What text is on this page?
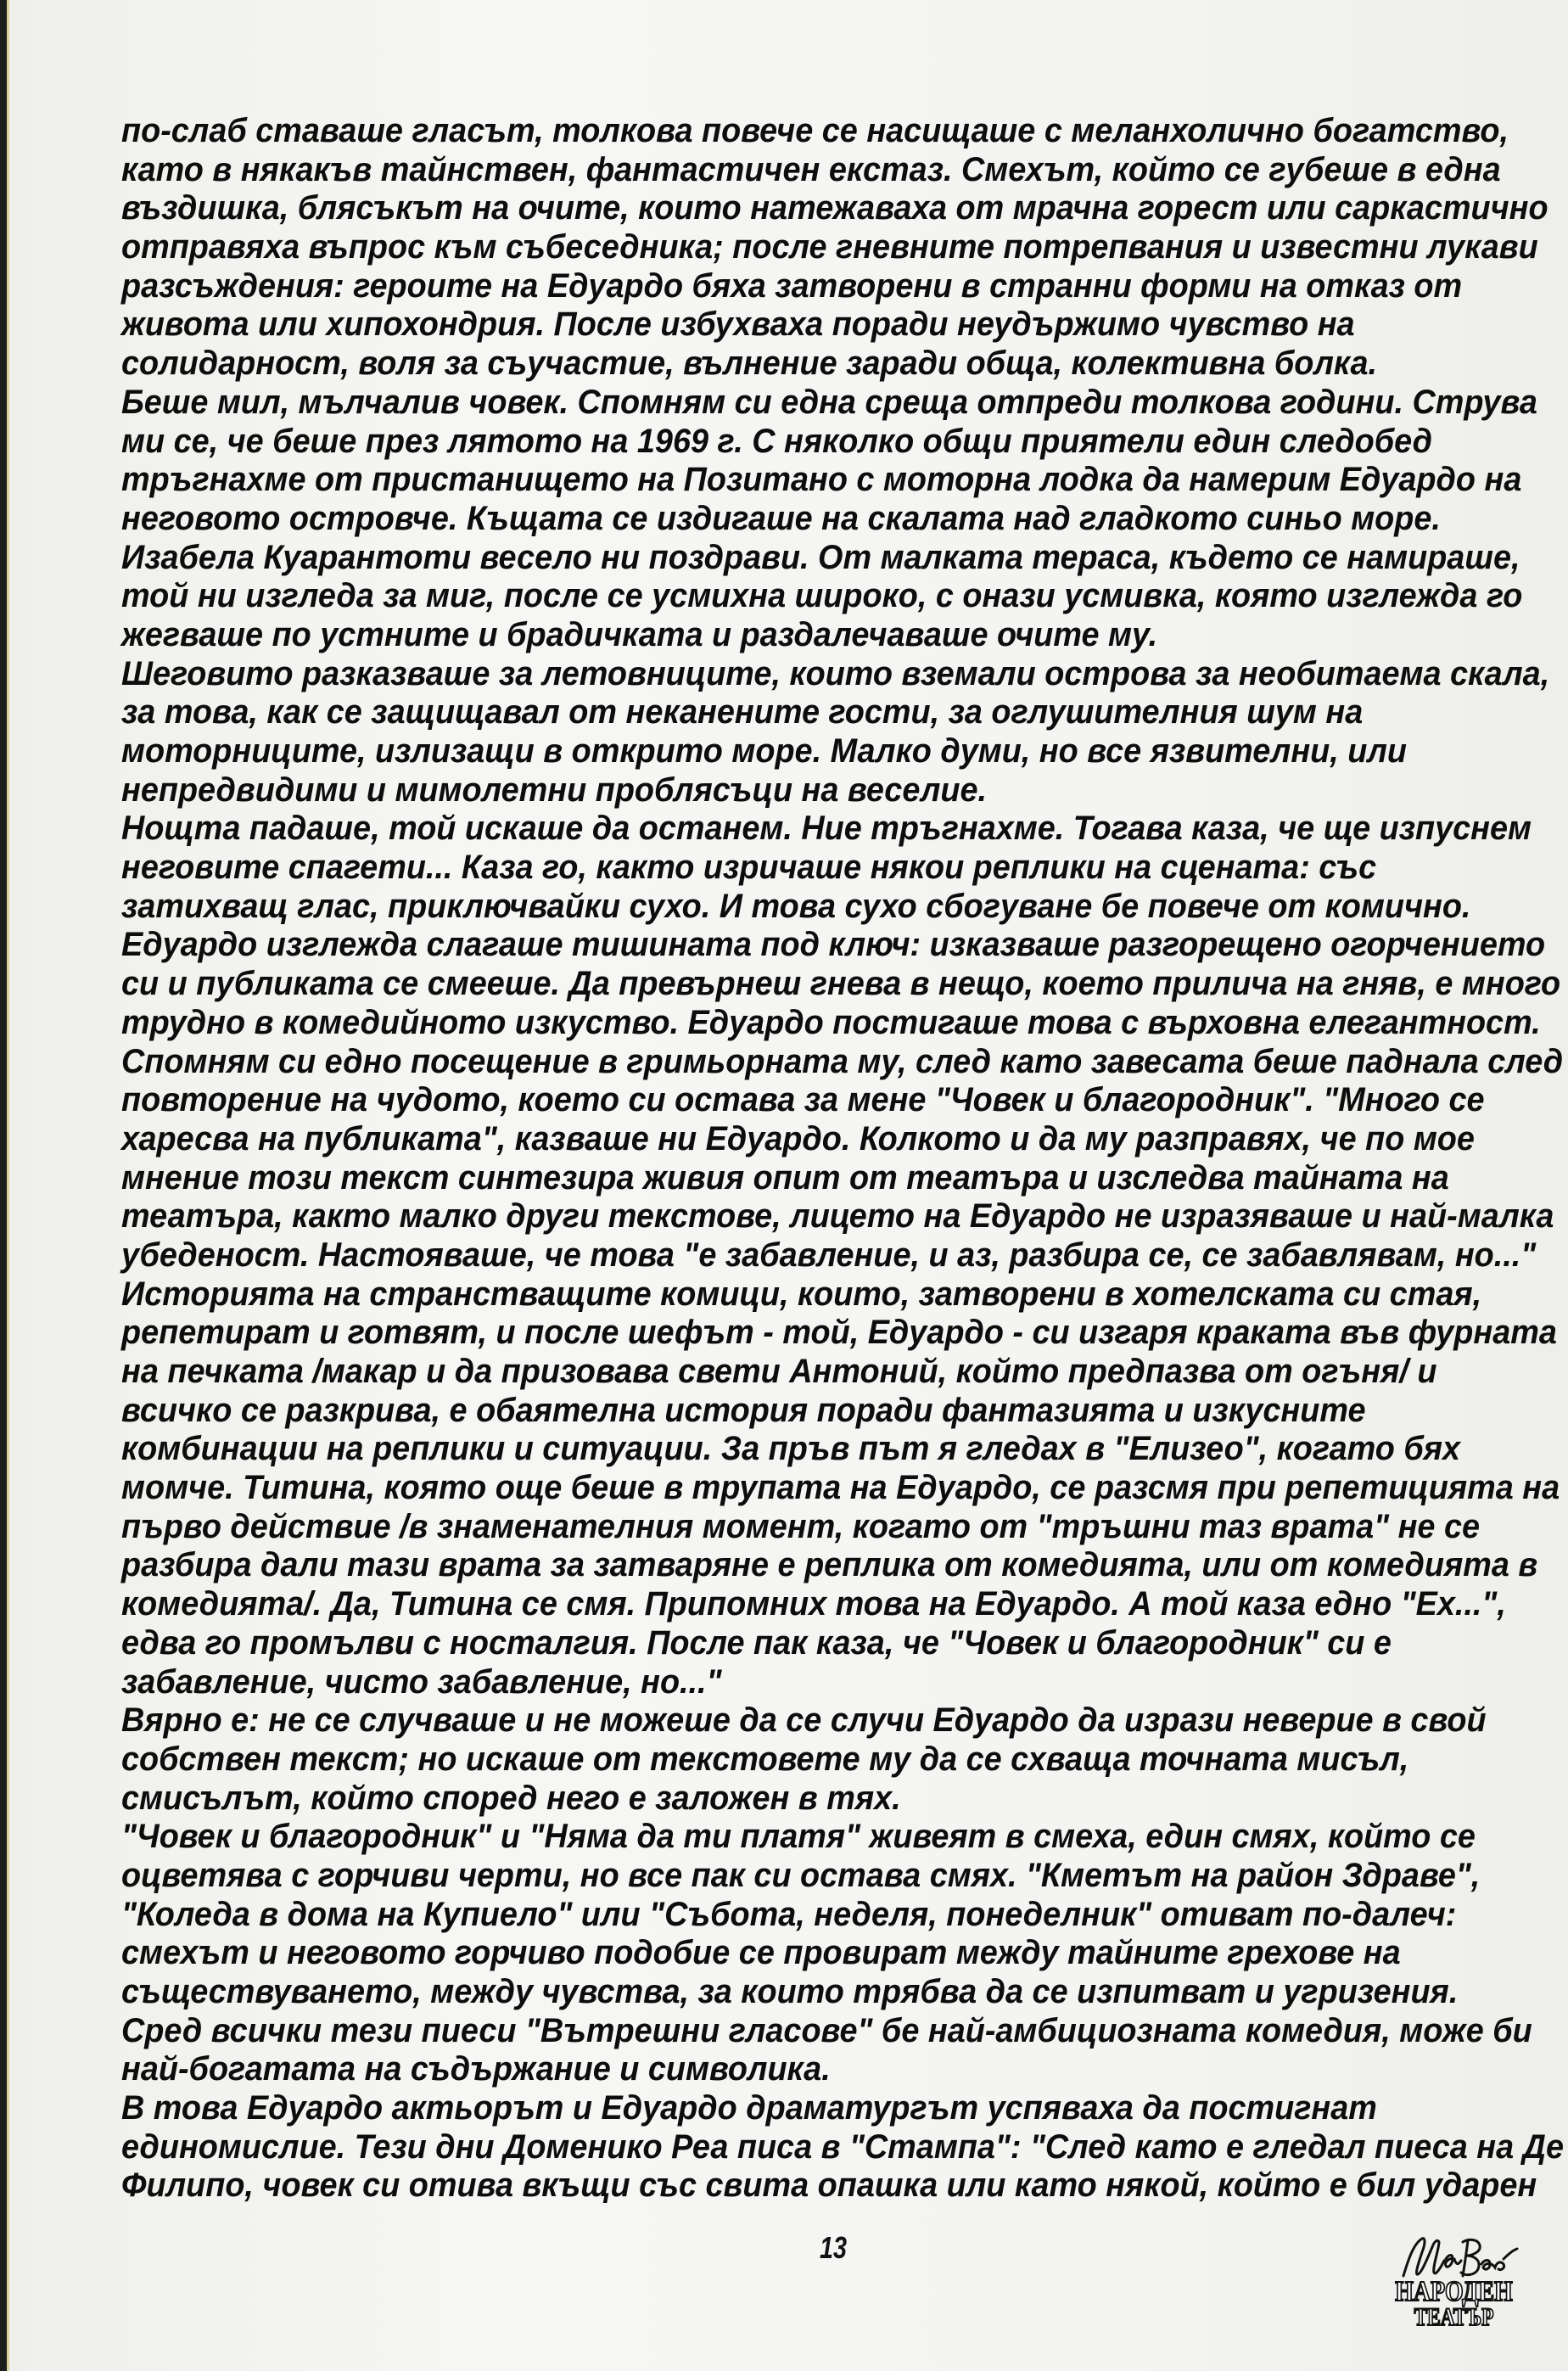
по-слаб ставаше гласът, толкова повече се насищаше с меланхолично богатство,
като в някакъв тайнствен, фантастичен екстаз. Смехът, който се губеше в една
въздишка, блясъкът на очите, които натежаваха от мрачна горест или саркастично
отправяха въпрос към събеседника; после гневните потрепвания и известни лукави
разсъждения: героите на Едуардо бяха затворени в странни форми на отказ от
живота или хипохондрия. После избухваха поради неудържимо чувство на
солидарност, воля за съучастие, вълнение заради обща, колективна болка.
Беше мил, мълчалив човек. Спомням си една среща отпреди толкова години. Струва
ми се, че беше през лятото на 1969 г. С няколко общи приятели един следобед
тръгнахме от пристанището на Позитано с моторна лодка да намерим Едуардо на
неговото островче. Къщата се издигаше на скалата над гладкото синьо море.
Изабела Куарантоти весело ни поздрави. От малката тераса, където се намираше,
той ни изгледа за миг, после се усмихна широко, с онази усмивка, която изглежда го
жегваше по устните и брадичката и раздалечаваше очите му.
Шеговито разказваше за летовниците, които вземали острова за необитаема скала,
за това, как се защищавал от неканените гости, за оглушителния шум на
моторниците, излизащи в открито море. Малко думи, но все язвителни, или
непредвидими и мимолетни проблясъци на веселие.
Нощта падаше, той искаше да останем. Ние тръгнахме. Тогава каза, че ще изпуснем
неговите спагети... Каза го, както изричаше някои реплики на сцената: със
затихващ глас, приключвайки сухо. И това сухо сбогуване бе повече от комично.
Едуардо изглежда слагаше тишината под ключ: изказваше разгорещено огорчението
си и публиката се смееше. Да превърнеш гнева в нещо, което прилича на гняв, е много
трудно в комедийното изкуство. Едуардо постигаше това с върховна елегантност.
Спомням си едно посещение в гримьорната му, след като завесата беше паднала след
повторение на чудото, което си остава за мене "Човек и благородник". "Много се
харесва на публиката", казваше ни Едуардо. Колкото и да му разправях, че по мое
мнение този текст синтезира живия опит от театъра и изследва тайната на
театъра, както малко други текстове, лицето на Едуардо не изразяваше и най-малка
убеденост. Настояваше, че това "е забавление, и аз, разбира се, се забавлявам, но..."
Историята на странстващите комици, които, затворени в хотелската си стая,
репетират и готвят, и после шефът - той, Едуардо - си изгаря краката във фурната
на печката /макар и да призовава свети Антоний, който предпазва от огъня/ и
всичко се разкрива, е обаятелна история поради фантазията и изкусните
комбинации на реплики и ситуации. За пръв път я гледах в "Елизео", когато бях
момче. Титина, която още беше в трупата на Едуардо, се разсмя при репетицията на
първо действие /в знаменателния момент, когато от "тръшни таз врата" не се
разбира дали тази врата за затваряне е реплика от комедията, или от комедията в
комедията/. Да, Титина се смя. Припомних това на Едуардо. А той каза едно "Ех...",
едва го промълви с носталгия. После пак каза, че "Човек и благородник" си е
забавление, чисто забавление, но..."
Вярно е: не се случваше и не можеше да се случи Едуардо да изрази неверие в свой
собствен текст; но искаше от текстовете му да се схваща точната мисъл,
смисълът, който според него е заложен в тях.
"Човек и благородник" и "Няма да ти платя" живеят в смеха, един смях, който се
оцветява с горчиви черти, но все пак си остава смях. "Кметът на район Здраве",
"Коледа в дома на Купиело" или "Събота, неделя, понеделник" отиват по-далеч:
смехът и неговото горчиво подобие се провират между тайните грехове на
съществуването, между чувства, за които трябва да се изпитват и угризения.
Сред всички тези пиеси "Вътрешни гласове" бе най-амбициозната комедия, може би
най-богатата на съдържание и символика.
В това Едуардо актьорът и Едуардо драматургът успяваха да постигнат
единомислие. Тези дни Доменико Реа писа в "Стампа": "След като е гледал пиеса на Де
Филипо, човек си отива вкъщи със свита опашка или като някой, който е бил ударен
13
НАРОДЕН
ТЕАТЪР
